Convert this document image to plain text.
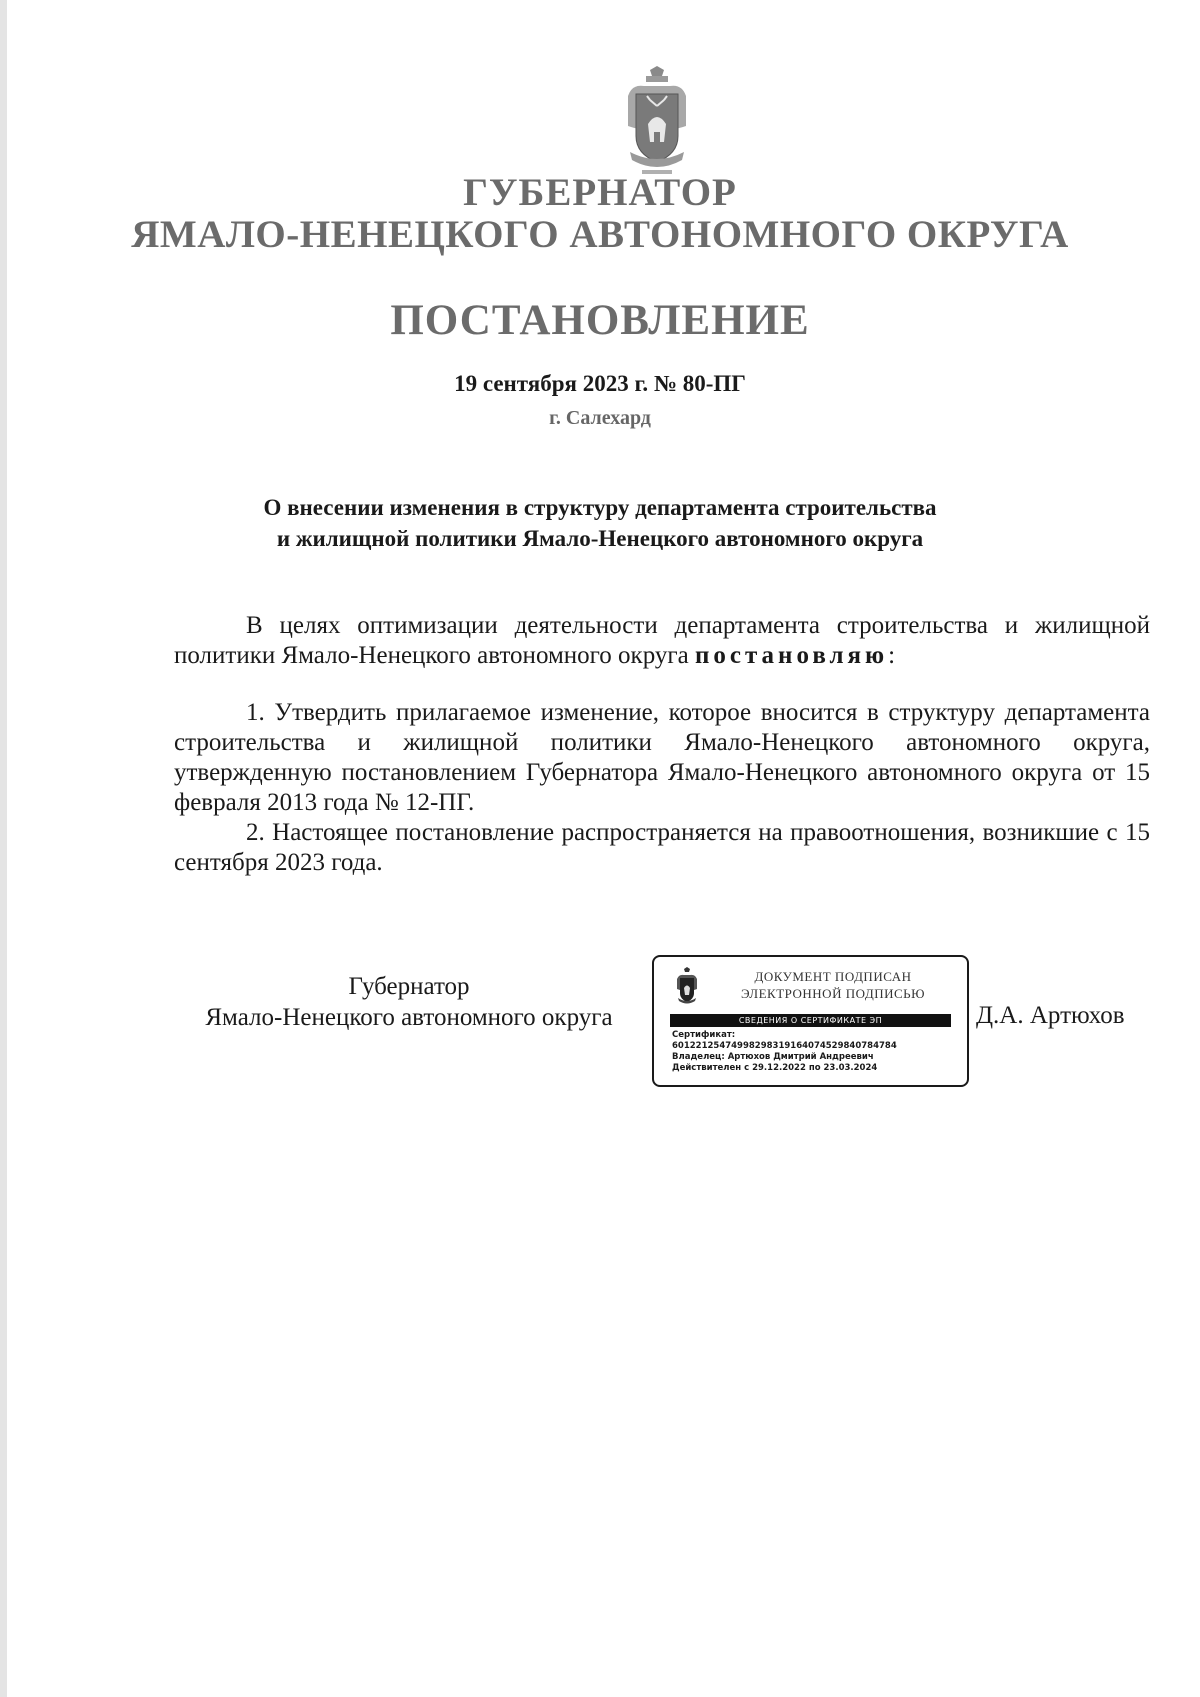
ГУБЕРНАТОР
ЯМАЛО-НЕНЕЦКОГО АВТОНОМНОГО ОКРУГА
ПОСТАНОВЛЕНИЕ
19 сентября 2023 г. № 80-ПГ
г. Салехард
О внесении изменения в структуру департамента строительства
и жилищной политики Ямало-Ненецкого автономного округа

В целях оптимизации деятельности департамента строительства и жилищной политики Ямало-Ненецкого автономного округа постановляю:

1. Утвердить прилагаемое изменение, которое вносится в структуру департамента строительства и жилищной политики Ямало-Ненецкого автономного округа, утвержденную постановлением Губернатора Ямало-Ненецкого автономного округа от 15 февраля 2013 года № 12-ПГ.

2. Настоящее постановление распространяется на правоотношения, возникшие с 15 сентября 2023 года.

Губернатор
Ямало-Ненецкого автономного округа
ДОКУМЕНТ ПОДПИСАН
ЭЛЕКТРОННОЙ ПОДПИСЬЮ
СВЕДЕНИЯ О СЕРТИФИКАТЕ ЭП
Сертификат:
60122125474998298319164074529840784784
Владелец: Артюхов Дмитрий Андреевич
Действителен с 29.12.2022 по 23.03.2024
Д.А. Артюхов
